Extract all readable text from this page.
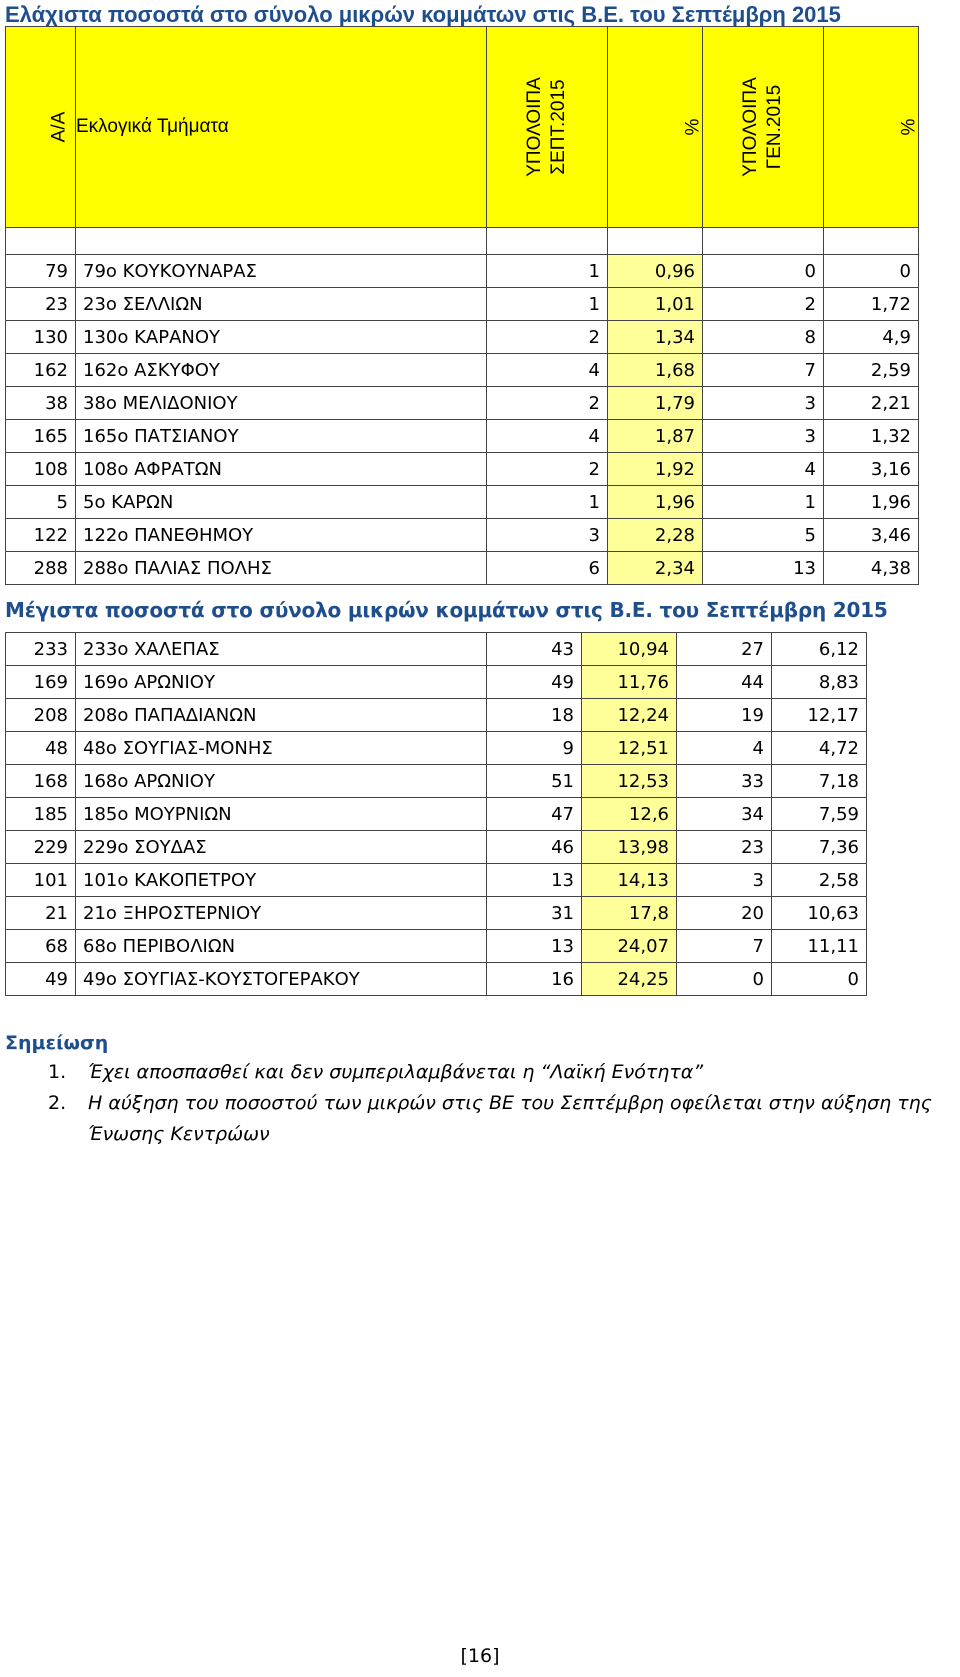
Ελάχιστα ποσοστά στο σύνολο μικρών κομμάτων στις Β.Ε. του Σεπτέμβρη 2015
Α/Α	Εκλογικά Τμήματα	ΥΠΟΛΟΙΠΑ ΣΕΠΤ.2015	%	ΥΠΟΛΟΙΠΑ ΓΕΝ.2015	%

79	79ο ΚΟΥΚΟΥΝΑΡΑΣ	1	0,96	0	0
23	23ο ΣΕΛΛΙΩΝ	1	1,01	2	1,72
130	130ο ΚΑΡΑΝΟΥ	2	1,34	8	4,9
162	162ο ΑΣΚΥΦΟΥ	4	1,68	7	2,59
38	38ο ΜΕΛΙΔΟΝΙΟΥ	2	1,79	3	2,21
165	165ο ΠΑΤΣΙΑΝΟΥ	4	1,87	3	1,32
108	108ο ΑΦΡΑΤΩΝ	2	1,92	4	3,16
5	5ο ΚΑΡΩΝ	1	1,96	1	1,96
122	122ο ΠΑΝΕΘΗΜΟΥ	3	2,28	5	3,46
288	288ο ΠΑΛΙΑΣ ΠΟΛΗΣ	6	2,34	13	4,38
Μέγιστα ποσοστά στο σύνολο μικρών κομμάτων στις Β.Ε. του Σεπτέμβρη 2015
233	233ο ΧΑΛΕΠΑΣ	43	10,94	27	6,12
169	169ο ΑΡΩΝΙΟΥ	49	11,76	44	8,83
208	208ο ΠΑΠΑΔΙΑΝΩΝ	18	12,24	19	12,17
48	48ο ΣΟΥΓΙΑΣ-ΜΟΝΗΣ	9	12,51	4	4,72
168	168ο ΑΡΩΝΙΟΥ	51	12,53	33	7,18
185	185ο ΜΟΥΡΝΙΩΝ	47	12,6	34	7,59
229	229ο ΣΟΥΔΑΣ	46	13,98	23	7,36
101	101ο ΚΑΚΟΠΕΤΡΟΥ	13	14,13	3	2,58
21	21ο ΞΗΡΟΣΤΕΡΝΙΟΥ	31	17,8	20	10,63
68	68ο ΠΕΡΙΒΟΛΙΩΝ	13	24,07	7	11,11
49	49ο ΣΟΥΓΙΑΣ-ΚΟΥΣΤΟΓΕΡΑΚΟΥ	16	24,25	0	0
Σημείωση
1. Έχει αποσπασθεί και δεν συμπεριλαμβάνεται η “Λαϊκή Ενότητα”
2. Η αύξηση του ποσοστού των μικρών στις ΒΕ του Σεπτέμβρη οφείλεται στην αύξηση της Ένωσης Κεντρώων
[16]
